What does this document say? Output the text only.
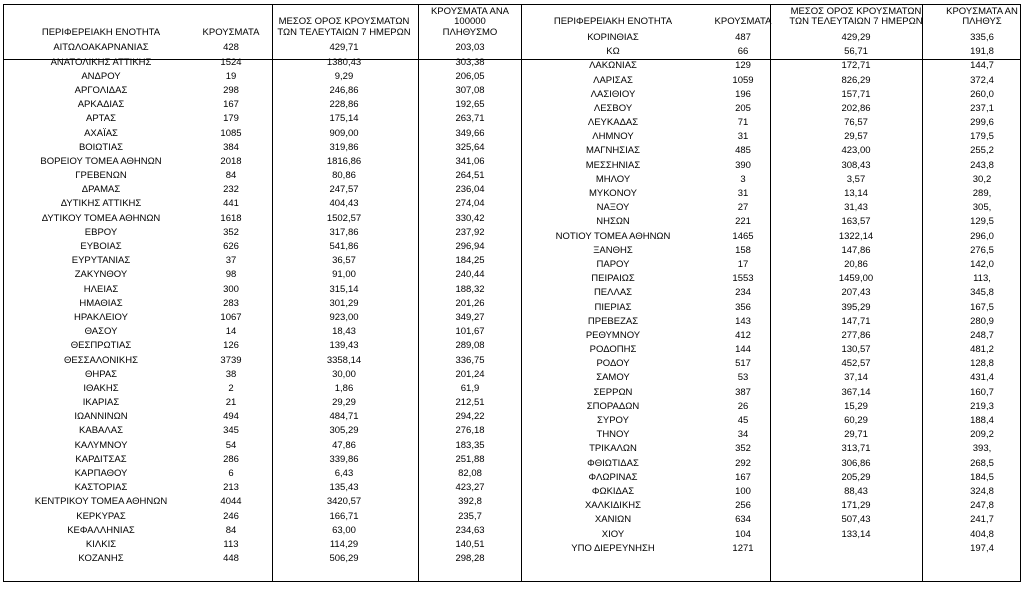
ΠΕΡΙΦΕΡΕΙΑΚΗ ΕΝΟΤΗΤΑ	ΚΡΟΥΣΜΑΤΑ	ΜΕΣΟΣ ΟΡΟΣ ΚΡΟΥΣΜΑΤΩΝ
ΤΩΝ ΤΕΛΕΥΤΑΙΩΝ 7 ΗΜΕΡΩΝ	ΚΡΟΥΣΜΑΤΑ ΑΝΑ 100000
ΠΛΗΘΥΣΜΟ
ΑΙΤΩΛΟΑΚΑΡΝΑΝΙΑΣ	428	429,71	203,03
ΑΝΑΤΟΛΙΚΗΣ ΑΤΤΙΚΗΣ	1524	1380,43	303,38
ΑΝΔΡΟΥ	19	9,29	206,05
ΑΡΓΟΛΙΔΑΣ	298	246,86	307,08
ΑΡΚΑΔΙΑΣ	167	228,86	192,65
ΑΡΤΑΣ	179	175,14	263,71
ΑΧΑΪΑΣ	1085	909,00	349,66
ΒΟΙΩΤΙΑΣ	384	319,86	325,64
ΒΟΡΕΙΟΥ ΤΟΜΕΑ ΑΘΗΝΩΝ	2018	1816,86	341,06
ΓΡΕΒΕΝΩΝ	84	80,86	264,51
ΔΡΑΜΑΣ	232	247,57	236,04
ΔΥΤΙΚΗΣ ΑΤΤΙΚΗΣ	441	404,43	274,04
ΔΥΤΙΚΟΥ ΤΟΜΕΑ ΑΘΗΝΩΝ	1618	1502,57	330,42
ΕΒΡΟΥ	352	317,86	237,92
ΕΥΒΟΙΑΣ	626	541,86	296,94
ΕΥΡΥΤΑΝΙΑΣ	37	36,57	184,25
ΖΑΚΥΝΘΟΥ	98	91,00	240,44
ΗΛΕΙΑΣ	300	315,14	188,32
ΗΜΑΘΙΑΣ	283	301,29	201,26
ΗΡΑΚΛΕΙΟΥ	1067	923,00	349,27
ΘΑΣΟΥ	14	18,43	101,67
ΘΕΣΠΡΩΤΙΑΣ	126	139,43	289,08
ΘΕΣΣΑΛΟΝΙΚΗΣ	3739	3358,14	336,75
ΘΗΡΑΣ	38	30,00	201,24
ΙΘΑΚΗΣ	2	1,86	61,9
ΙΚΑΡΙΑΣ	21	29,29	212,51
ΙΩΑΝΝΙΝΩΝ	494	484,71	294,22
ΚΑΒΑΛΑΣ	345	305,29	276,18
ΚΑΛΥΜΝΟΥ	54	47,86	183,35
ΚΑΡΔΙΤΣΑΣ	286	339,86	251,88
ΚΑΡΠΑΘΟΥ	6	6,43	82,08
ΚΑΣΤΟΡΙΑΣ	213	135,43	423,27
ΚΕΝΤΡΙΚΟΥ ΤΟΜΕΑ ΑΘΗΝΩΝ	4044	3420,57	392,8
ΚΕΡΚΥΡΑΣ	246	166,71	235,7
ΚΕΦΑΛΛΗΝΙΑΣ	84	63,00	234,63
ΚΙΛΚΙΣ	113	114,29	140,51
ΚΟΖΑΝΗΣ	448	506,29	298,28
ΠΕΡΙΦΕΡΕΙΑΚΗ ΕΝΟΤΗΤΑ	ΚΡΟΥΣΜΑΤΑ	ΜΕΣΟΣ ΟΡΟΣ ΚΡΟΥΣΜΑΤΩΝ
ΤΩΝ ΤΕΛΕΥΤΑΙΩΝ 7 ΗΜΕΡΩΝ	ΚΡΟΥΣΜΑΤΑ ΑΝ
ΠΛΗΘΥΣ
ΚΟΡΙΝΘΙΑΣ	487	429,29	335,6
ΚΩ	66	56,71	191,8
ΛΑΚΩΝΙΑΣ	129	172,71	144,7
ΛΑΡΙΣΑΣ	1059	826,29	372,4
ΛΑΣΙΘΙΟΥ	196	157,71	260,0
ΛΕΣΒΟΥ	205	202,86	237,1
ΛΕΥΚΑΔΑΣ	71	76,57	299,6
ΛΗΜΝΟΥ	31	29,57	179,5
ΜΑΓΝΗΣΙΑΣ	485	423,00	255,2
ΜΕΣΣΗΝΙΑΣ	390	308,43	243,8
ΜΗΛΟΥ	3	3,57	30,2
ΜΥΚΟΝΟΥ	31	13,14	289,
ΝΑΞΟΥ	27	31,43	305,
ΝΗΣΩΝ	221	163,57	129,5
ΝΟΤΙΟΥ ΤΟΜΕΑ ΑΘΗΝΩΝ	1465	1322,14	296,0
ΞΑΝΘΗΣ	158	147,86	276,5
ΠΑΡΟΥ	17	20,86	142,0
ΠΕΙΡΑΙΩΣ	1553	1459,00	113,
ΠΕΛΛΑΣ	234	207,43	345,8
ΠΙΕΡΙΑΣ	356	395,29	167,5
ΠΡΕΒΕΖΑΣ	143	147,71	280,9
ΡΕΘΥΜΝΟΥ	412	277,86	248,7
ΡΟΔΟΠΗΣ	144	130,57	481,2
ΡΟΔΟΥ	517	452,57	128,8
ΣΑΜΟΥ	53	37,14	431,4
ΣΕΡΡΩΝ	387	367,14	160,7
ΣΠΟΡΑΔΩΝ	26	15,29	219,3
ΣΥΡΟΥ	45	60,29	188,4
ΤΗΝΟΥ	34	29,71	209,2
ΤΡΙΚΑΛΩΝ	352	313,71	393,
ΦΘΙΩΤΙΔΑΣ	292	306,86	268,5
ΦΛΩΡΙΝΑΣ	167	205,29	184,5
ΦΩΚΙΔΑΣ	100	88,43	324,8
ΧΑΛΚΙΔΙΚΗΣ	256	171,29	247,8
ΧΑΝΙΩΝ	634	507,43	241,7
ΧΙΟΥ	104	133,14	404,8
ΥΠΟ ΔΙΕΡΕΥΝΗΣΗ	1271		197,4
